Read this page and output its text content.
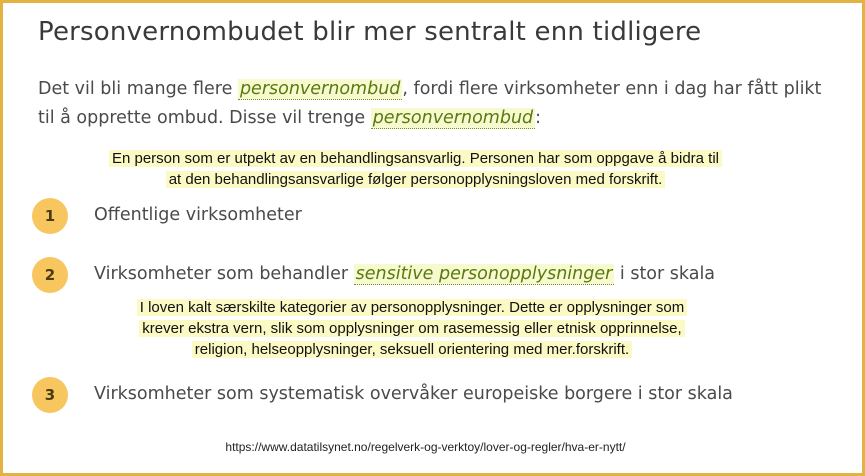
Personvernombudet blir mer sentralt enn tidligere
Det vil bli mange flere personvernombud , fordi flere virksomheter enn i dag har fått plikt til å opprette ombud. Disse vil trenge personvernombud :
En person som er utpekt av en behandlingsansvarlig. Personen har som oppgave å bidra til
at den behandlingsansvarlige følger personopplysningsloven med forskrift.
1	Offentlige virksomheter
2	Virksomheter som behandler sensitive personopplysninger i stor skala
I loven kalt særskilte kategorier av personopplysninger. Dette er opplysninger som
krever ekstra vern, slik som opplysninger om rasemessig eller etnisk opprinnelse,
religion, helseopplysninger, seksuell orientering med mer.forskrift.
3	Virksomheter som systematisk overvåker europeiske borgere i stor skala
https://www.datatilsynet.no/regelverk-og-verktoy/lover-og-regler/hva-er-nytt/
